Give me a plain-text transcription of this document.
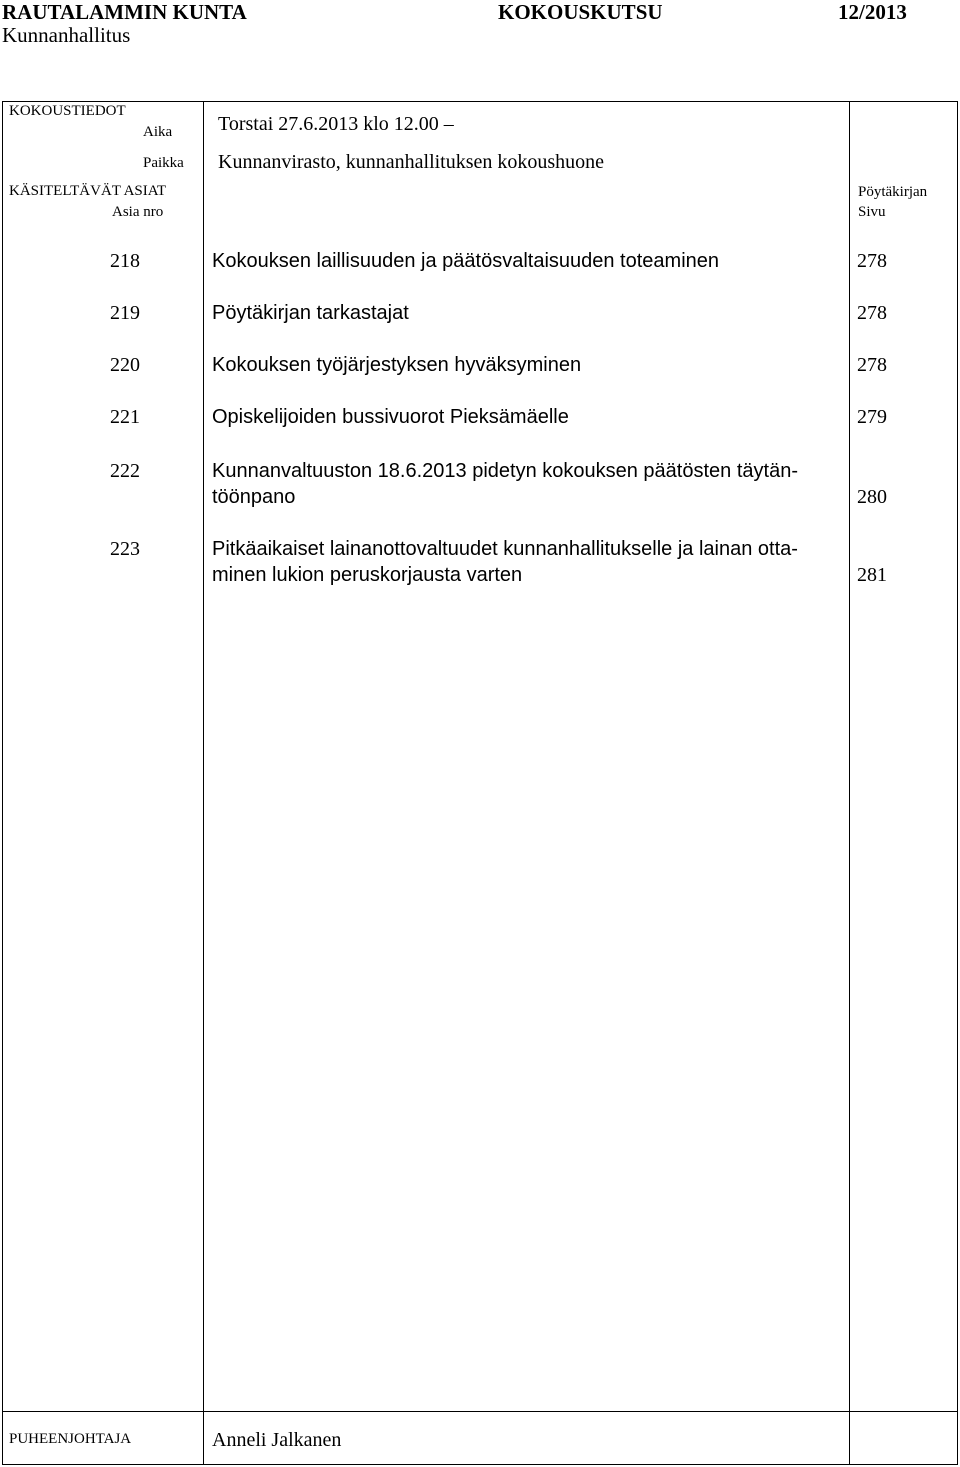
RAUTALAMMIN KUNTA	KOKOUSKUTSU	12/2013
Kunnanhallitus
KOKOUSTIEDOT
Aika Torstai 27.6.2013 klo 12.00 –
Paikka Kunnanvirasto, kunnanhallituksen kokoushuone
KÄSITELTÄVÄT ASIAT
Asia nro
Pöytäkirjan
Sivu
218	Kokouksen laillisuuden ja päätösvaltaisuuden toteaminen	278
219	Pöytäkirjan tarkastajat	278
220	Kokouksen työjärjestyksen hyväksyminen	278
221	Opiskelijoiden bussivuorot Pieksämäelle	279
222	Kunnanvaltuuston 18.6.2013 pidetyn kokouksen päätösten täytän-
töönpano	280
223	Pitkäaikaiset lainanottovaltuudet kunnanhallitukselle ja lainan otta-
minen lukion peruskorjausta varten	281
PUHEENJOHTAJA	Anneli Jalkanen
